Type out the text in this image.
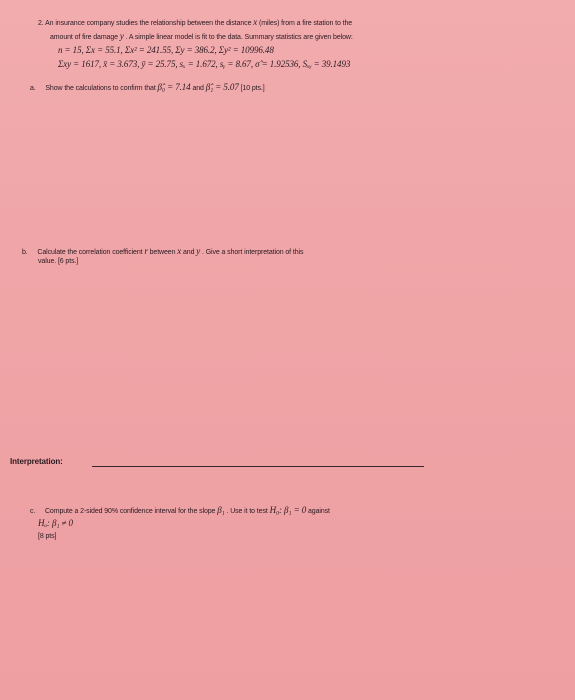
2. An insurance company studies the relationship between the distance x (miles) from a fire station to the
amount of fire damage y . A simple linear model is fit to the data. Summary statistics are given below:
n = 15, Σx = 55.1, Σx² = 241.55, Σy = 386.2, Σy² = 10996.48
Σxy = 1617, x̄ = 3.673, ȳ = 25.75, sₓ = 1.672, sᵧ = 8.67, σ̂ = 1.92536, Sₓᵧ = 39.1493
a. Show the calculations to confirm that β̂₀ = 7.14 and β̂₁ = 5.07 [10 pts.]
b. Calculate the correlation coefficient r between x and y . Give a short interpretation of this
value. [6 pts.]
Interpretation:
c. Compute a 2-sided 90% confidence interval for the slope β₁ . Use it to test H₀: β₁ = 0 against
Hₐ: β₁ ≠ 0
[8 pts]
